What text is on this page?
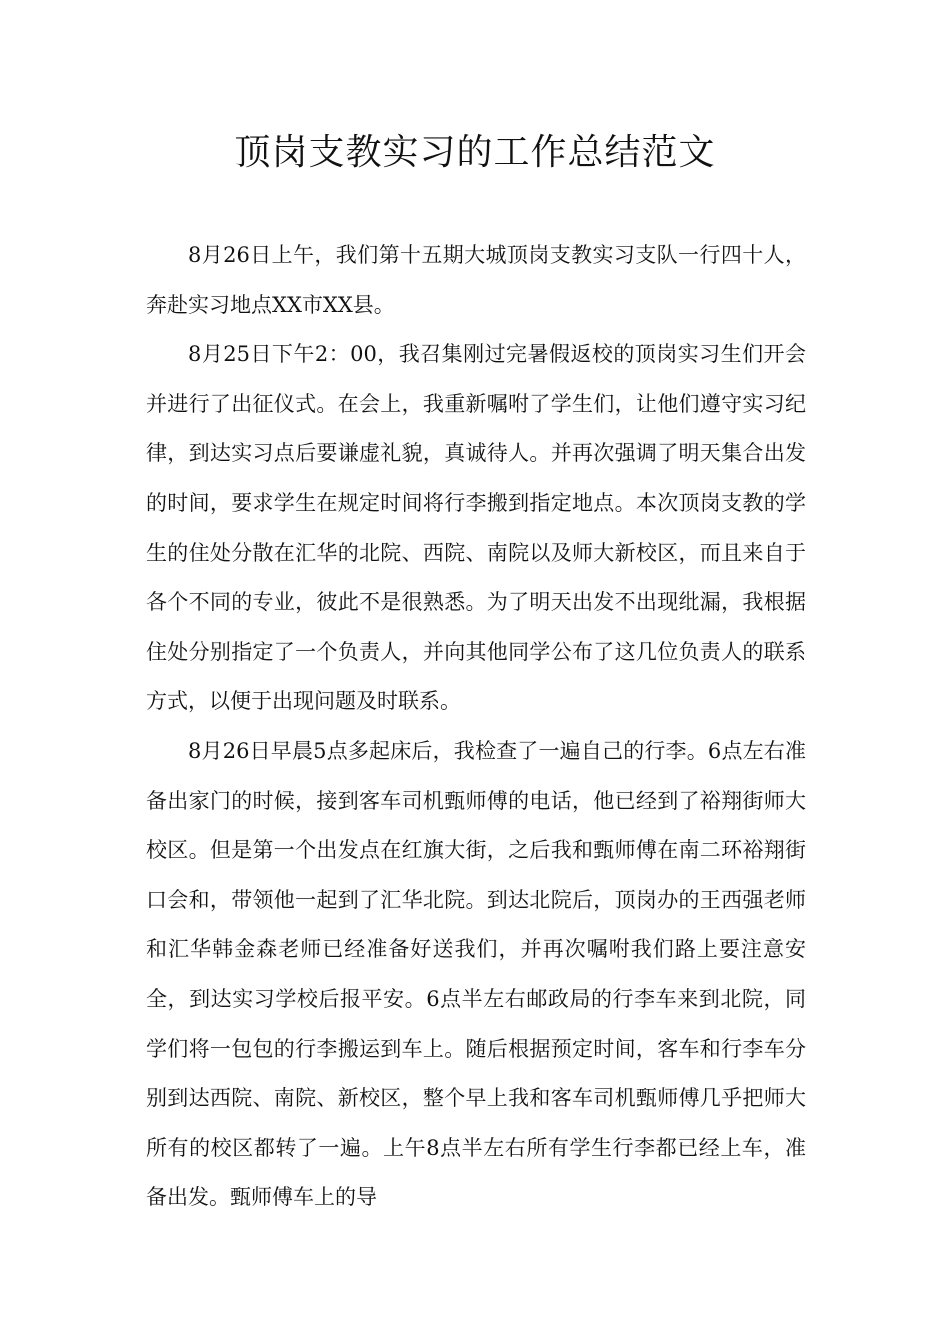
顶岗支教实习的工作总结范文

8月26日上午，我们第十五期大城顶岗支教实习支队一行四十人，奔赴实习地点XX市XX县。

8月25日下午2：00，我召集刚过完暑假返校的顶岗实习生们开会并进行了出征仪式。在会上，我重新嘱咐了学生们，让他们遵守实习纪律，到达实习点后要谦虚礼貌，真诚待人。并再次强调了明天集合出发的时间，要求学生在规定时间将行李搬到指定地点。本次顶岗支教的学生的住处分散在汇华的北院、西院、南院以及师大新校区，而且来自于各个不同的专业，彼此不是很熟悉。为了明天出发不出现纰漏，我根据住处分别指定了一个负责人，并向其他同学公布了这几位负责人的联系方式，以便于出现问题及时联系。

8月26日早晨5点多起床后，我检查了一遍自己的行李。6点左右准备出家门的时候，接到客车司机甄师傅的电话，他已经到了裕翔街师大校区。但是第一个出发点在红旗大街，之后我和甄师傅在南二环裕翔街口会和，带领他一起到了汇华北院。到达北院后，顶岗办的王西强老师和汇华韩金森老师已经准备好送我们，并再次嘱咐我们路上要注意安全，到达实习学校后报平安。6点半左右邮政局的行李车来到北院，同学们将一包包的行李搬运到车上。随后根据预定时间，客车和行李车分别到达西院、南院、新校区，整个早上我和客车司机甄师傅几乎把师大所有的校区都转了一遍。上午8点半左右所有学生行李都已经上车，准备出发。甄师傅车上的导
